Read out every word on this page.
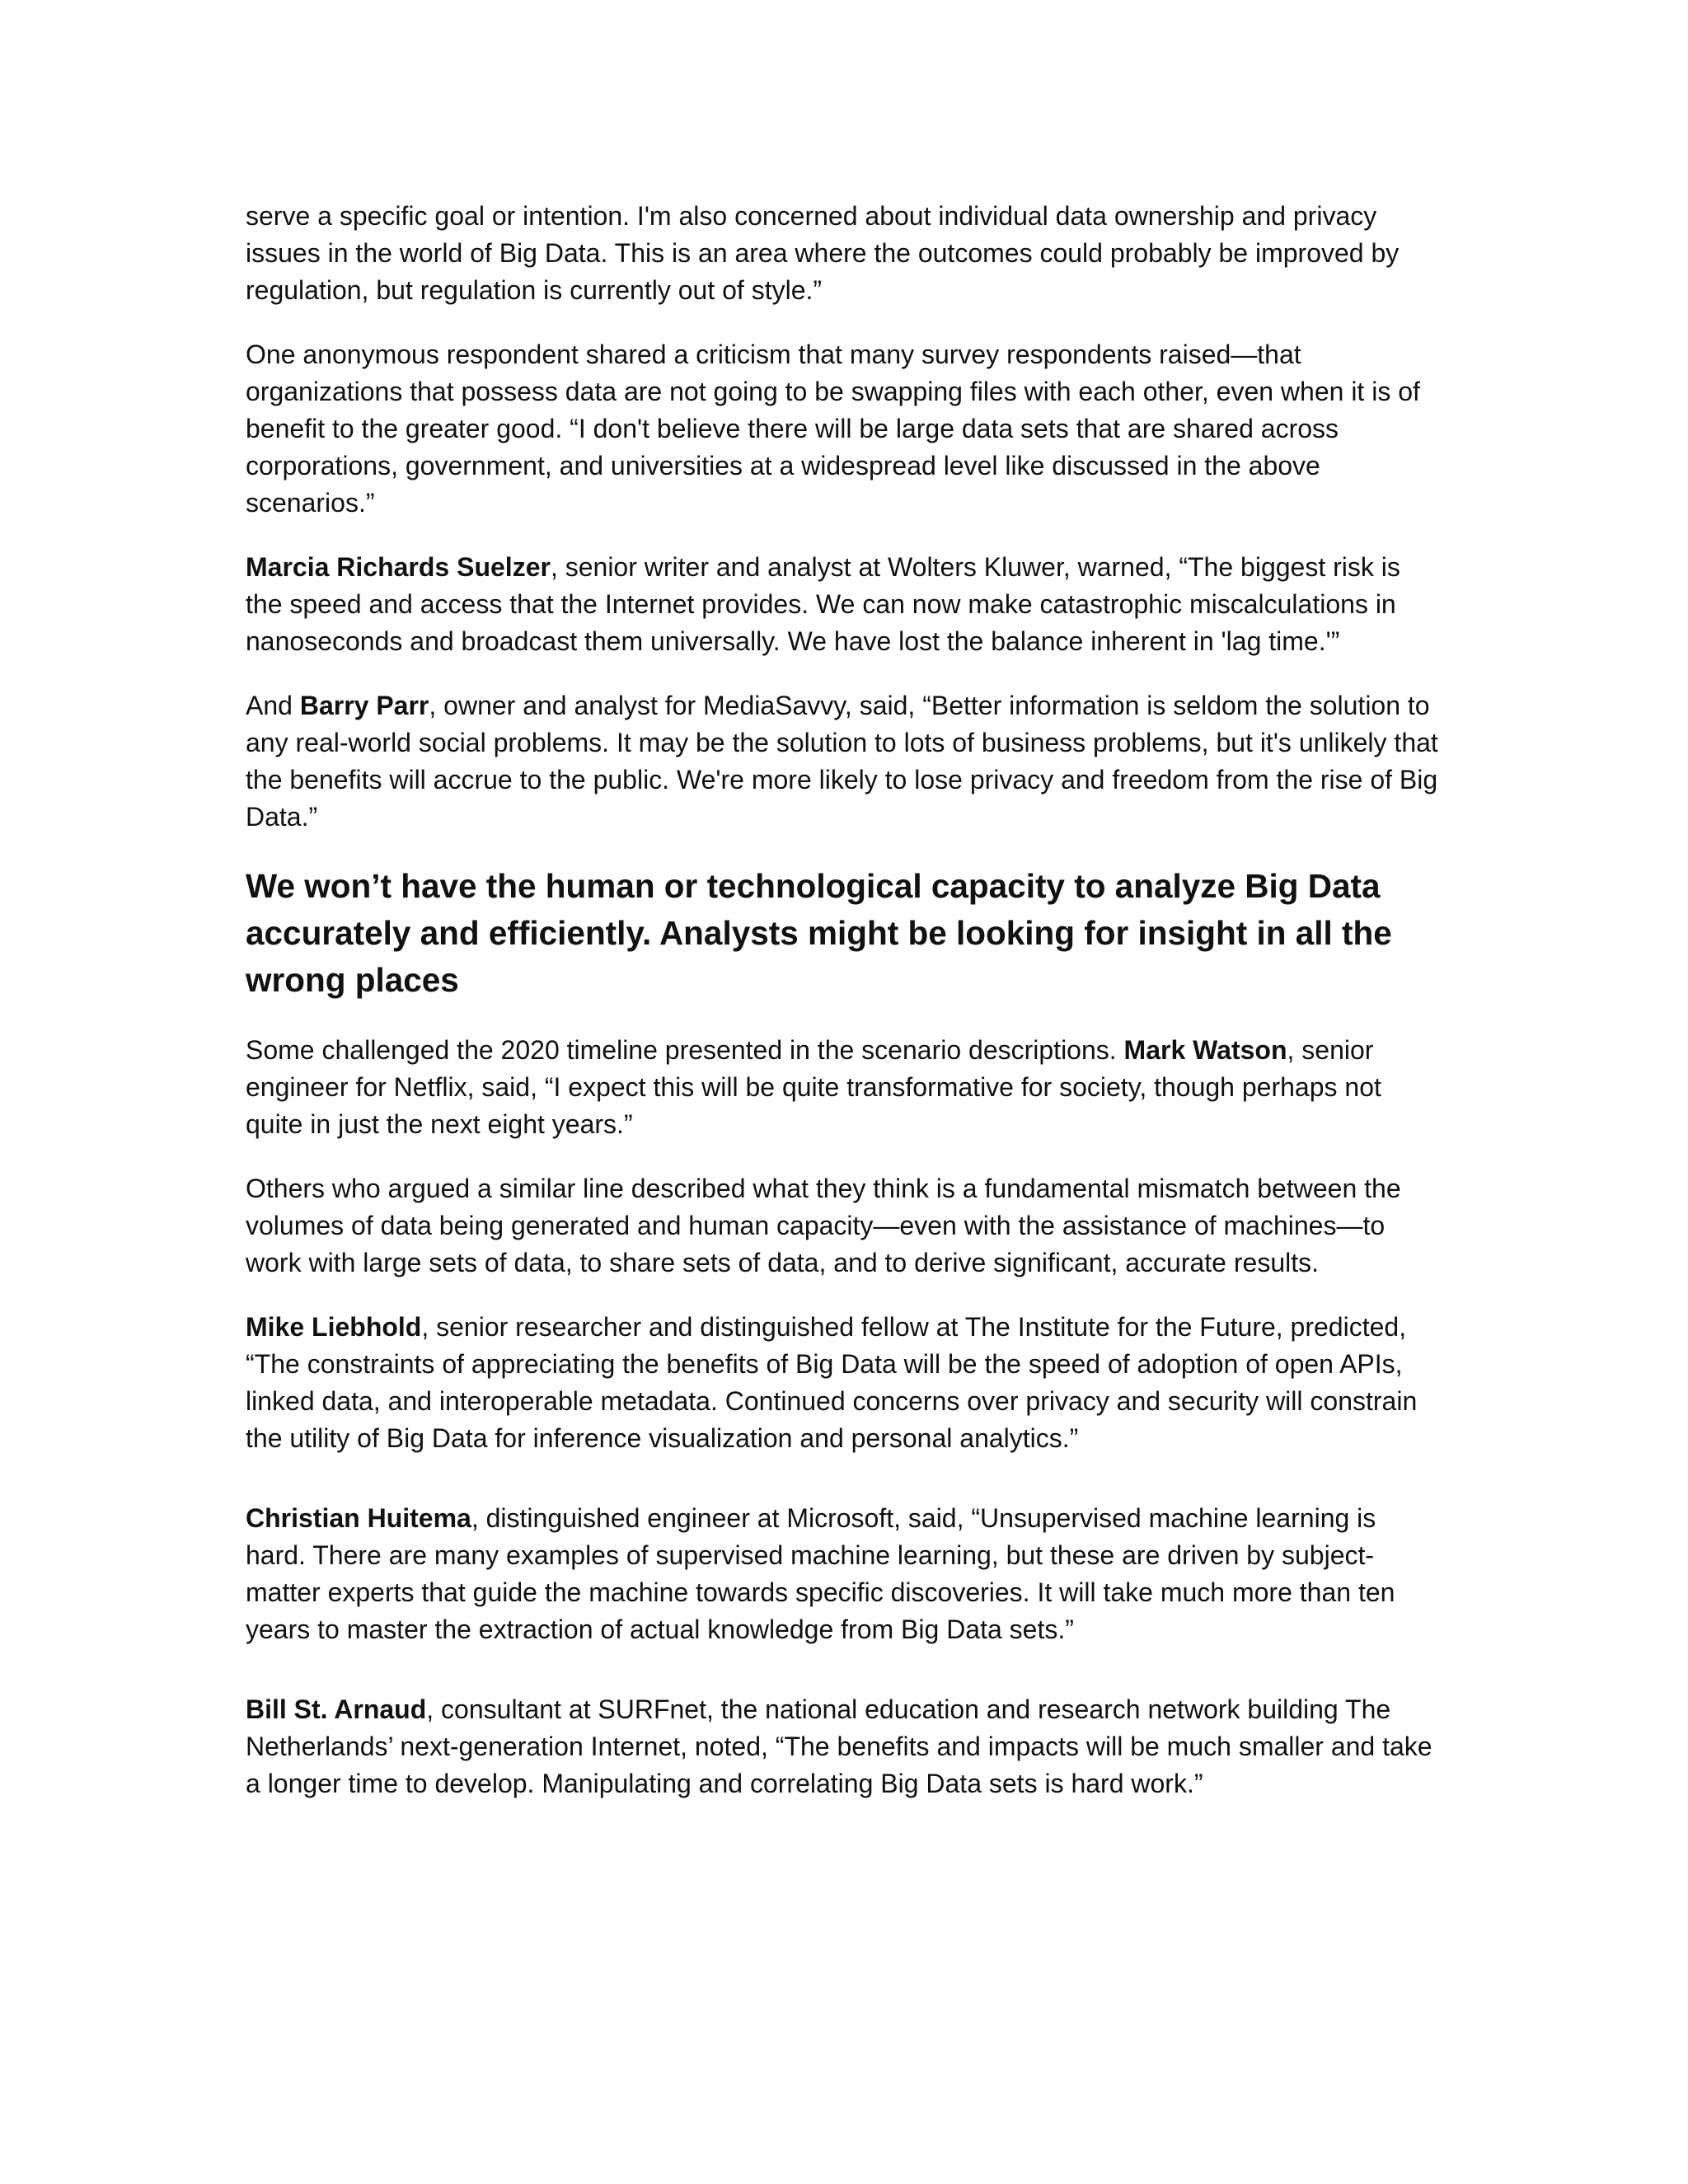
serve a specific goal or intention. I'm also concerned about individual data ownership and privacy issues in the world of Big Data. This is an area where the outcomes could probably be improved by regulation, but regulation is currently out of style.”

One anonymous respondent shared a criticism that many survey respondents raised—that organizations that possess data are not going to be swapping files with each other, even when it is of benefit to the greater good. “I don't believe there will be large data sets that are shared across corporations, government, and universities at a widespread level like discussed in the above scenarios.”

Marcia Richards Suelzer, senior writer and analyst at Wolters Kluwer, warned, “The biggest risk is the speed and access that the Internet provides. We can now make catastrophic miscalculations in nanoseconds and broadcast them universally. We have lost the balance inherent in 'lag time.'”

And Barry Parr, owner and analyst for MediaSavvy, said, “Better information is seldom the solution to any real-world social problems. It may be the solution to lots of business problems, but it's unlikely that the benefits will accrue to the public. We're more likely to lose privacy and freedom from the rise of Big Data.”

We won’t have the human or technological capacity to analyze Big Data accurately and efficiently. Analysts might be looking for insight in all the wrong places

Some challenged the 2020 timeline presented in the scenario descriptions. Mark Watson, senior engineer for Netflix, said, “I expect this will be quite transformative for society, though perhaps not quite in just the next eight years.”

Others who argued a similar line described what they think is a fundamental mismatch between the volumes of data being generated and human capacity—even with the assistance of machines—to work with large sets of data, to share sets of data, and to derive significant, accurate results.

Mike Liebhold, senior researcher and distinguished fellow at The Institute for the Future, predicted, “The constraints of appreciating the benefits of Big Data will be the speed of adoption of open APIs, linked data, and interoperable metadata. Continued concerns over privacy and security will constrain the utility of Big Data for inference visualization and personal analytics.”

Christian Huitema, distinguished engineer at Microsoft, said, “Unsupervised machine learning is hard. There are many examples of supervised machine learning, but these are driven by subject-matter experts that guide the machine towards specific discoveries. It will take much more than ten years to master the extraction of actual knowledge from Big Data sets.”

Bill St. Arnaud, consultant at SURFnet, the national education and research network building The Netherlands’ next-generation Internet, noted, “The benefits and impacts will be much smaller and take a longer time to develop. Manipulating and correlating Big Data sets is hard work.”
